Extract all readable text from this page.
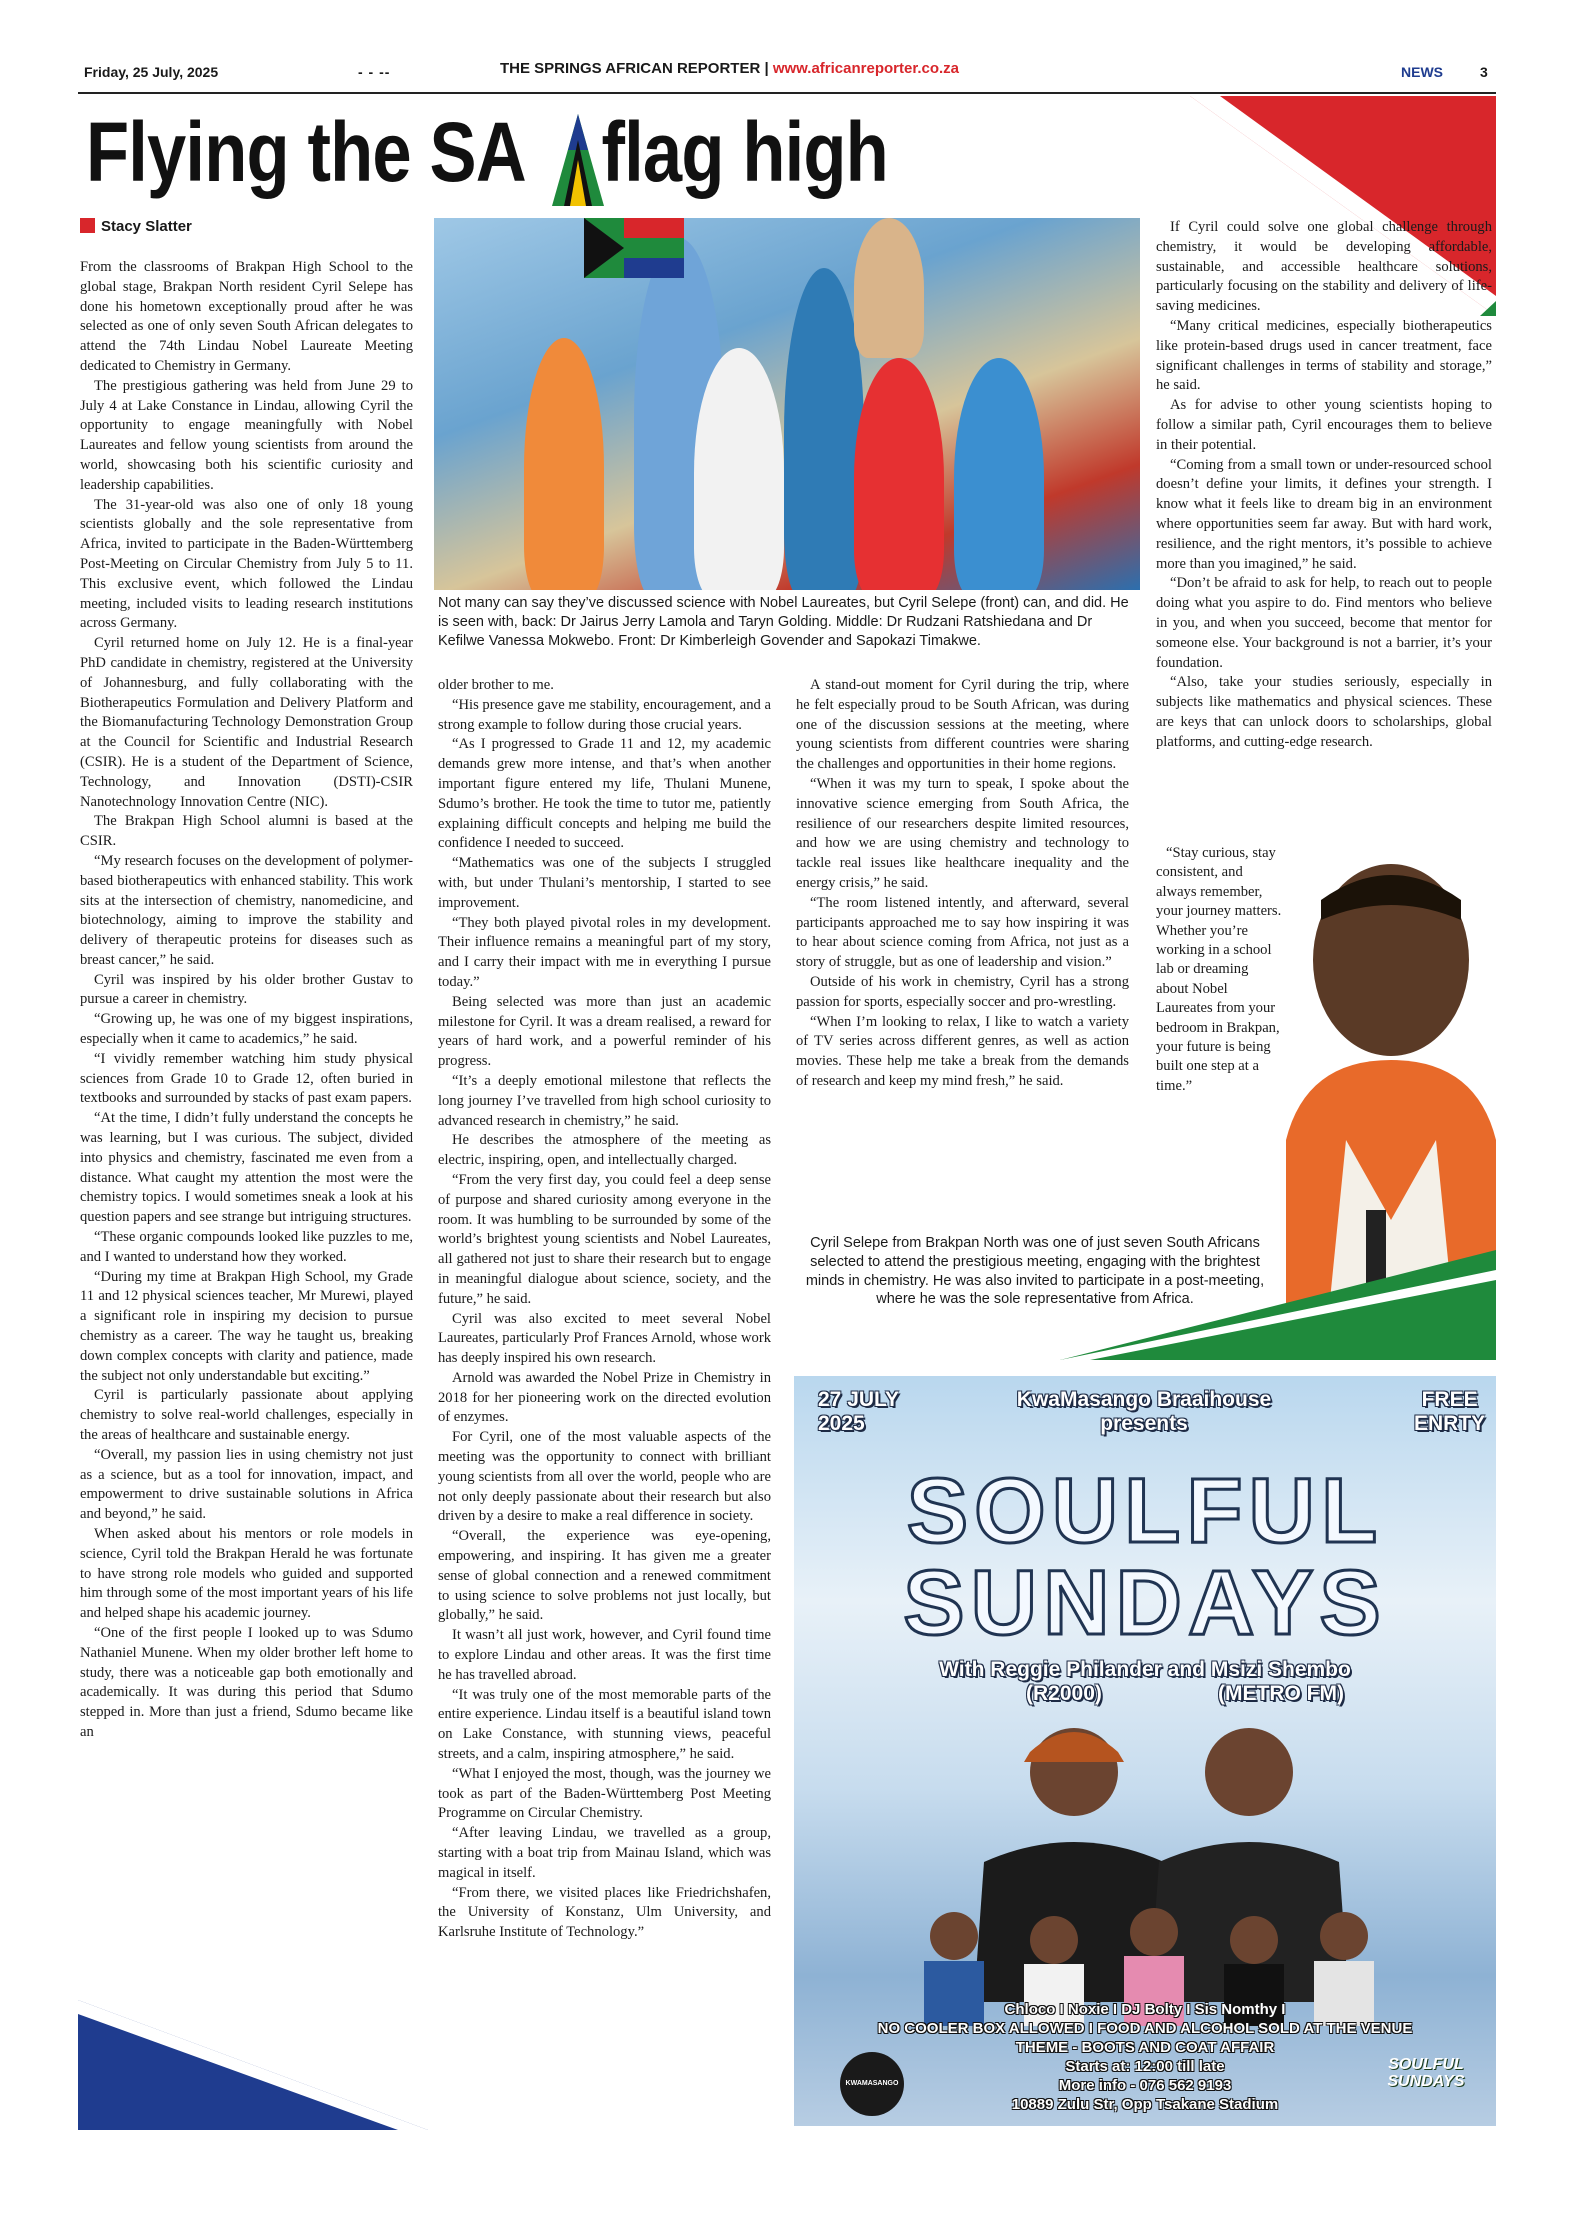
Friday, 25 July, 2025	- - --	THE SPRINGS AFRICAN REPORTER | www.africanreporter.co.za	NEWS	3
Flying the SA flag high
Stacy Slatter

From the classrooms of Brakpan High School to the global stage, Brakpan North resident Cyril Selepe has done his hometown exceptionally proud after he was selected as one of only seven South African delegates to attend the 74th Lindau Nobel Laureate Meeting dedicated to Chemistry in Germany.

The prestigious gathering was held from June 29 to July 4 at Lake Constance in Lindau, allowing Cyril the opportunity to engage meaningfully with Nobel Laureates and fellow young scientists from around the world, showcasing both his scientific curiosity and leadership capabilities.

The 31-year-old was also one of only 18 young scientists globally and the sole representative from Africa, invited to participate in the Baden-Württemberg Post-Meeting on Circular Chemistry from July 5 to 11. This exclusive event, which followed the Lindau meeting, included visits to leading research institutions across Germany.

Cyril returned home on July 12. He is a final-year PhD candidate in chemistry, registered at the University of Johannesburg, and fully collaborating with the Biotherapeutics Formulation and Delivery Platform and the Biomanufacturing Technology Demonstration Group at the Council for Scientific and Industrial Research (CSIR). He is a student of the Department of Science, Technology, and Innovation (DSTI)-CSIR Nanotechnology Innovation Centre (NIC).

The Brakpan High School alumni is based at the CSIR.

“My research focuses on the development of polymer-based biotherapeutics with enhanced stability. This work sits at the intersection of chemistry, nanomedicine, and biotechnology, aiming to improve the stability and delivery of therapeutic proteins for diseases such as breast cancer,” he said.

Cyril was inspired by his older brother Gustav to pursue a career in chemistry.

“Growing up, he was one of my biggest inspirations, especially when it came to academics,” he said.

“I vividly remember watching him study physical sciences from Grade 10 to Grade 12, often buried in textbooks and surrounded by stacks of past exam papers.

“At the time, I didn’t fully understand the concepts he was learning, but I was curious. The subject, divided into physics and chemistry, fascinated me even from a distance. What caught my attention the most were the chemistry topics. I would sometimes sneak a look at his question papers and see strange but intriguing structures.

“These organic compounds looked like puzzles to me, and I wanted to understand how they worked.

“During my time at Brakpan High School, my Grade 11 and 12 physical sciences teacher, Mr Murewi, played a significant role in inspiring my decision to pursue chemistry as a career. The way he taught us, breaking down complex concepts with clarity and patience, made the subject not only understandable but exciting.”

Cyril is particularly passionate about applying chemistry to solve real-world challenges, especially in the areas of healthcare and sustainable energy.

“Overall, my passion lies in using chemistry not just as a science, but as a tool for innovation, impact, and empowerment to drive sustainable solutions in Africa and beyond,” he said.

When asked about his mentors or role models in science, Cyril told the Brakpan Herald he was fortunate to have strong role models who guided and supported him through some of the most important years of his life and helped shape his academic journey.

“One of the first people I looked up to was Sdumo Nathaniel Munene. When my older brother left home to study, there was a noticeable gap both emotionally and academically. It was during this period that Sdumo stepped in. More than just a friend, Sdumo became like an

Not many can say they’ve discussed science with Nobel Laureates, but Cyril Selepe (front) can, and did. He is seen with, back: Dr Jairus Jerry Lamola and Taryn Golding. Middle: Dr Rudzani Ratshiedana and Dr Kefilwe Vanessa Mokwebo. Front: Dr Kimberleigh Govender and Sapokazi Timakwe.

older brother to me.

“His presence gave me stability, encouragement, and a strong example to follow during those crucial years.

“As I progressed to Grade 11 and 12, my academic demands grew more intense, and that’s when another important figure entered my life, Thulani Munene, Sdumo’s brother. He took the time to tutor me, patiently explaining difficult concepts and helping me build the confidence I needed to succeed.

“Mathematics was one of the subjects I struggled with, but under Thulani’s mentorship, I started to see improvement.

“They both played pivotal roles in my development. Their influence remains a meaningful part of my story, and I carry their impact with me in everything I pursue today.”

Being selected was more than just an academic milestone for Cyril. It was a dream realised, a reward for years of hard work, and a powerful reminder of his progress.

“It’s a deeply emotional milestone that reflects the long journey I’ve travelled from high school curiosity to advanced research in chemistry,” he said.

He describes the atmosphere of the meeting as electric, inspiring, open, and intellectually charged.

“From the very first day, you could feel a deep sense of purpose and shared curiosity among everyone in the room. It was humbling to be surrounded by some of the world’s brightest young scientists and Nobel Laureates, all gathered not just to share their research but to engage in meaningful dialogue about science, society, and the future,” he said.

Cyril was also excited to meet several Nobel Laureates, particularly Prof Frances Arnold, whose work has deeply inspired his own research.

Arnold was awarded the Nobel Prize in Chemistry in 2018 for her pioneering work on the directed evolution of enzymes.

For Cyril, one of the most valuable aspects of the meeting was the opportunity to connect with brilliant young scientists from all over the world, people who are not only deeply passionate about their research but also driven by a desire to make a real difference in society.

“Overall, the experience was eye-opening, empowering, and inspiring. It has given me a greater sense of global connection and a renewed commitment to using science to solve problems not just locally, but globally,” he said.

It wasn’t all just work, however, and Cyril found time to explore Lindau and other areas. It was the first time he has travelled abroad.

“It was truly one of the most memorable parts of the entire experience. Lindau itself is a beautiful island town on Lake Constance, with stunning views, peaceful streets, and a calm, inspiring atmosphere,” he said.

“What I enjoyed the most, though, was the journey we took as part of the Baden-Württemberg Post Meeting Programme on Circular Chemistry.

“After leaving Lindau, we travelled as a group, starting with a boat trip from Mainau Island, which was magical in itself.

“From there, we visited places like Friedrichshafen, the University of Konstanz, Ulm University, and Karlsruhe Institute of Technology.”

A stand-out moment for Cyril during the trip, where he felt especially proud to be South African, was during one of the discussion sessions at the meeting, where young scientists from different countries were sharing the challenges and opportunities in their home regions.

“When it was my turn to speak, I spoke about the innovative science emerging from South Africa, the resilience of our researchers despite limited resources, and how we are using chemistry and technology to tackle real issues like healthcare inequality and the energy crisis,” he said.

“The room listened intently, and afterward, several participants approached me to say how inspiring it was to hear about science coming from Africa, not just as a story of struggle, but as one of leadership and vision.”

Outside of his work in chemistry, Cyril has a strong passion for sports, especially soccer and pro-wrestling.

“When I’m looking to relax, I like to watch a variety of TV series across different genres, as well as action movies. These help me take a break from the demands of research and keep my mind fresh,” he said.

If Cyril could solve one global challenge through chemistry, it would be developing affordable, sustainable, and accessible healthcare solutions, particularly focusing on the stability and delivery of life-saving medicines.

“Many critical medicines, especially biotherapeutics like protein-based drugs used in cancer treatment, face significant challenges in terms of stability and storage,” he said.

As for advise to other young scientists hoping to follow a similar path, Cyril encourages them to believe in their potential.

“Coming from a small town or under-resourced school doesn’t define your limits, it defines your strength. I know what it feels like to dream big in an environment where opportunities seem far away. But with hard work, resilience, and the right mentors, it’s possible to achieve more than you imagined,” he said.

“Don’t be afraid to ask for help, to reach out to people doing what you aspire to do. Find mentors who believe in you, and when you succeed, become that mentor for someone else. Your background is not a barrier, it’s your foundation.

“Also, take your studies seriously, especially in subjects like mathematics and physical sciences. These are keys that can unlock doors to scholarships, global platforms, and cutting-edge research.

“Stay curious, stay consistent, and always remember, your journey matters. Whether you’re working in a school lab or dreaming about Nobel Laureates from your bedroom in Brakpan, your future is being built one step at a time.”

Cyril Selepe from Brakpan North was one of just seven South Africans selected to attend the prestigious meeting, engaging with the brightest minds in chemistry. He was also invited to participate in a post-meeting, where he was the sole representative from Africa.
27 JULY
2025
KwaMasango Braaihouse
presents
FREE
ENRTY
SOULFUL
SUNDAYS
With Reggie Philander and Msizi Shembo
(R2000)	(METRO FM)
Chloco I Noxie I DJ Bolty I Sis Nomthy I
NO COOLER BOX ALLOWED I FOOD AND ALCOHOL SOLD AT THE VENUE
THEME - BOOTS AND COAT AFFAIR
Starts at: 12:00 till late
More info - 076 562 9193
10889 Zulu Str, Opp Tsakane Stadium
KWAMASANGO
SOULFUL
SUNDAYS
